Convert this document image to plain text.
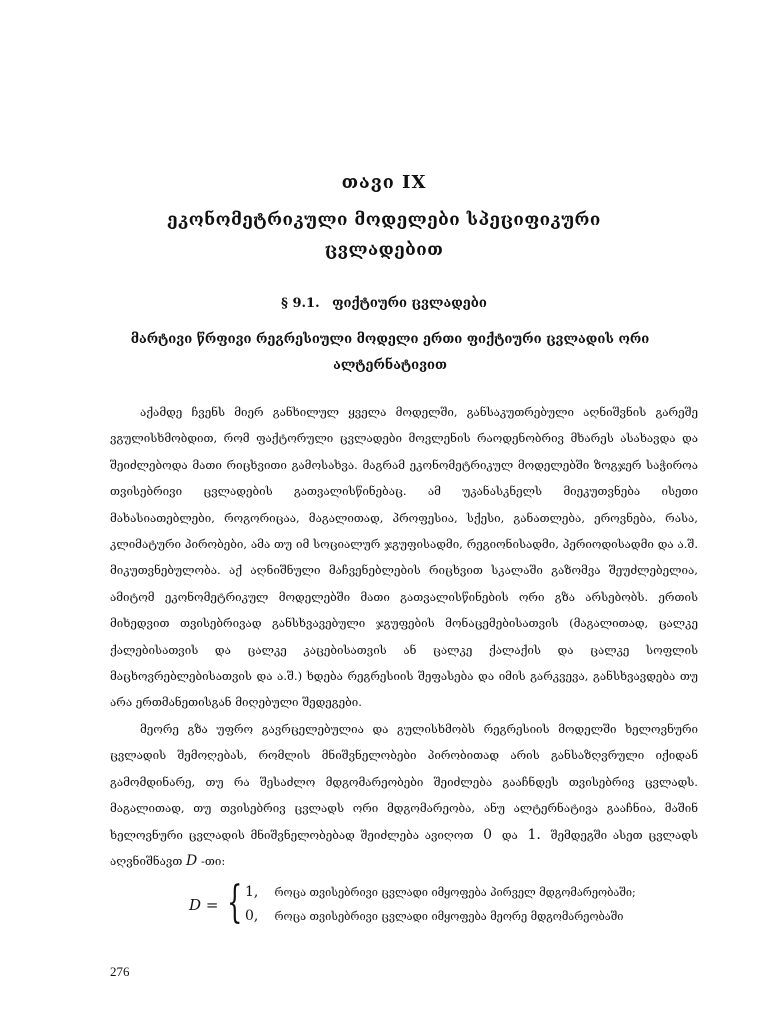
თავი IX
ეკონომეტრიკული მოდელები სპეციფიკური ცვლადებით
§ 9.1. ფიქტიური ცვლადები
მარტივი წრფივი რეგრესიული მოდელი ერთი ფიქტიური ცვლადის ორი ალტერნატივით

აქამდე ჩვენს მიერ განხილულ ყველა მოდელში, განსაკუთრებული აღნიშვნის გარეშე ვგულისხმობდით, რომ ფაქტორული ცვლადები მოვლენის რაოდენობრივ მხარეს ასახავდა და შეიძლებოდა მათი რიცხვითი გამოსახვა. მაგრამ ეკონომეტრიკულ მოდელებში ზოგჯერ საჭიროა თვისებრივი ცვლადების გათვალისწინებაც. ამ უკანასკნელს მიეკუთვნება ისეთი მახასიათებლები, როგორიცაა, მაგალითად, პროფესია, სქესი, განათლება, ეროვნება, რასა, კლიმატური პირობები, ამა თუ იმ სოციალურ ჯგუფისადმი, რეგიონისადმი, პერიოდისადმი და ა.შ. მიკუთვნებულობა. აქ აღნიშნული მაჩვენებლების რიცხვით სკალაში გაზომვა შეუძლებელია, ამიტომ ეკონომეტრიკულ მოდელებში მათი გათვალისწინების ორი გზა არსებობს. ერთის მიხედვით თვისებრივად განსხვავებული ჯგუფების მონაცემებისათვის (მაგალითად, ცალკე ქალებისათვის და ცალკე კაცებისათვის ან ცალკე ქალაქის და ცალკე სოფლის მაცხოვრებლებისათვის და ა.შ.) ხდება რეგრესიის შეფასება და იმის გარკვევა, განსხვავდება თუ არა ერთმანეთისგან მიღებული შედეგები.

მეორე გზა უფრო გავრცელებულია და გულისხმობს რეგრესიის მოდელში ხელოვნური ცვლადის შემოღებას, რომლის მნიშვნელობები პირობითად არის განსაზღვრული იქიდან გამომდინარე, თუ რა შესაძლო მდგომარეობები შეიძლება გააჩნდეს თვისებრივ ცვლადს. მაგალითად, თუ თვისებრივ ცვლადს ორი მდგომარეობა, ანუ ალტერნატივა გააჩნია, მაშინ ხელოვნური ცვლადის მნიშვნელობებად შეიძლება ავიღოთ 0 და 1. შემდეგში ასეთ ცვლადს აღვნიშნავთ D -თი:

D = { 1, როცა თვისებრივი ცვლადი იმყოფება პირველ მდგომარეობაში;
0, როცა თვისებრივი ცვლადი იმყოფება მეორე მდგომარეობაში
276
